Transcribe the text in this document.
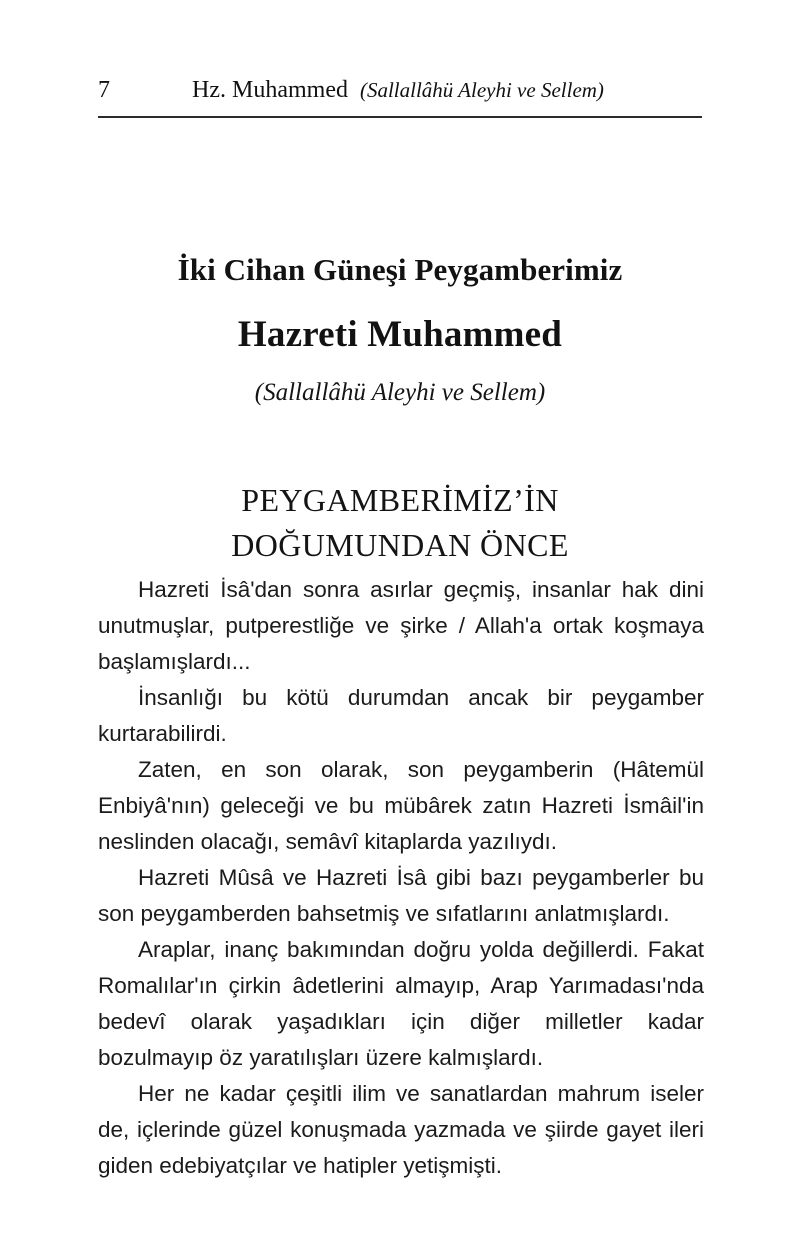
7	Hz. Muhammed (Sallallâhü Aleyhi ve Sellem)
İki Cihan Güneşi Peygamberimiz
Hazreti Muhammed
(Sallallâhü Aleyhi ve Sellem)
PEYGAMBERİMİZ’İN
DOĞUMUNDAN ÖNCE

Hazreti İsâ'dan sonra asırlar geçmiş, insanlar hak dini unutmuşlar, putperestliğe ve şirke / Allah'a ortak koşmaya başlamışlardı...

İnsanlığı bu kötü durumdan ancak bir peygamber kurtarabilirdi.

Zaten, en son olarak, son peygamberin (Hâtemül Enbiyâ'nın) geleceği ve bu mübârek zatın Hazreti İsmâil'in neslinden olacağı, semâvî kitaplarda yazılıydı.

Hazreti Mûsâ ve Hazreti İsâ gibi bazı peygamberler bu son peygamberden bahsetmiş ve sıfatlarını anlatmışlardı.

Araplar, inanç bakımından doğru yolda değillerdi. Fakat Romalılar'ın çirkin âdetlerini almayıp, Arap Yarımadası'nda bedevî olarak yaşadıkları için diğer milletler kadar bozulmayıp öz yaratılışları üzere kalmışlardı.

Her ne kadar çeşitli ilim ve sanatlardan mahrum iseler de, içlerinde güzel konuşmada yazmada ve şiirde gayet ileri giden edebiyatçılar ve hatipler yetişmişti.
